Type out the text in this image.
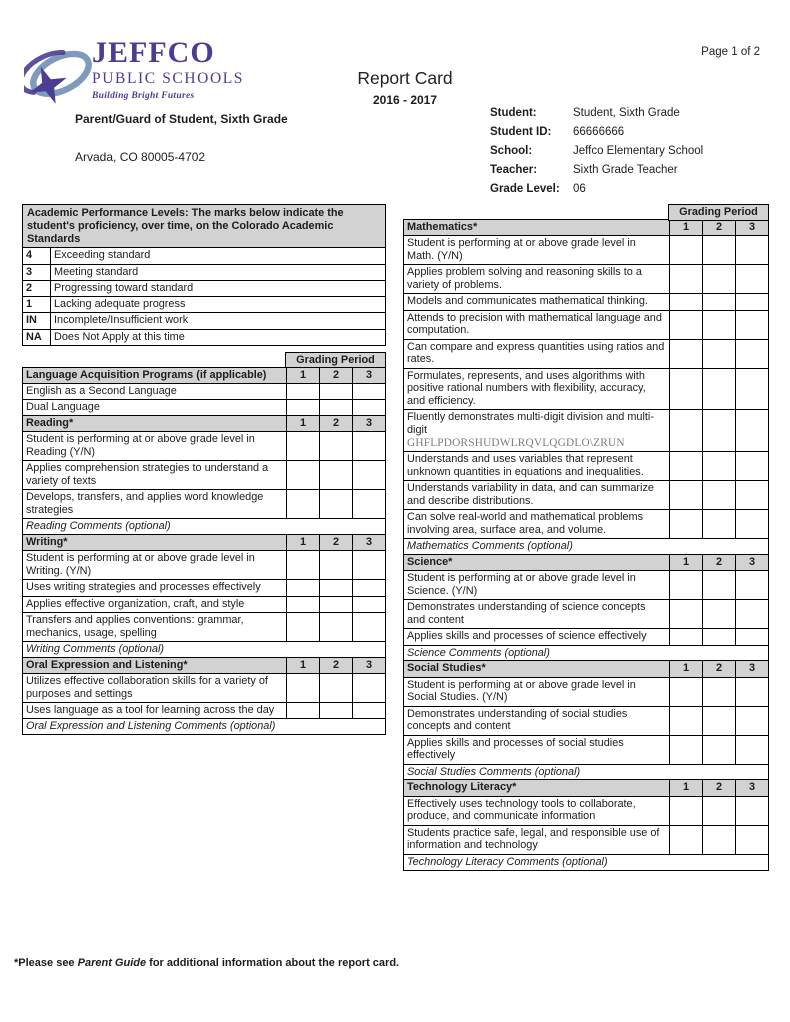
Page 1 of 2
JEFFCO
PUBLIC SCHOOLS
Building Bright Futures
Report Card
2016 - 2017
Parent/Guard of Student, Sixth Grade
Arvada, CO 80005-4702
Student:	Student, Sixth Grade
Student ID:	66666666
School:	Jeffco Elementary School
Teacher:	Sixth Grade Teacher
Grade Level:	06
Academic Performance Levels: The marks below indicate the student's proficiency, over time, on the Colorado Academic Standards	
4	Exceeding standard
3	Meeting standard
2	Progressing toward standard
1	Lacking adequate progress
IN	Incomplete/Insufficient work
NA	Does Not Apply at this time
Grading Period
Language Acquisition Programs (if applicable)	1	2	3
English as a Second Language			
Dual Language			
Reading*	1	2	3
Student is performing at or above grade level in Reading (Y/N)			
Applies comprehension strategies to understand a variety of texts			
Develops, transfers, and applies word knowledge strategies			
Reading Comments (optional)			
Writing*	1	2	3
Student is performing at or above grade level in Writing. (Y/N)			
Uses writing strategies and processes effectively			
Applies effective organization, craft, and style			
Transfers and applies conventions: grammar, mechanics, usage, spelling			
Writing Comments (optional)			
Oral Expression and Listening*	1	2	3
Utilizes effective collaboration skills for a variety of purposes and settings			
Uses language as a tool for learning across the day			
Oral Expression and Listening Comments (optional)			
Grading Period
Mathematics*	1	2	3
Student is performing at or above grade level in Math. (Y/N)			
Applies problem solving and reasoning skills to a variety of problems.			
Models and communicates mathematical thinking.			
Attends to precision with mathematical language and computation.			
Can compare and express quantities using ratios and rates.			
Formulates, represents, and uses algorithms with positive rational numbers with flexibility, accuracy, and efficiency.			
Fluently demonstrates multi-digit division and multi-digit
GHFLPDORSHUDWLRQVLQGDLO\ZRUN			

Understands and uses variables that represent unknown quantities in equations and inequalities.			
Understands variability in data, and can summarize and describe distributions.			
Can solve real-world and mathematical problems involving area, surface area, and volume.			
Mathematics Comments (optional)			
Science*	1	2	3
Student is performing at or above grade level in Science. (Y/N)			
Demonstrates understanding of science concepts and content			
Applies skills and processes of science effectively			
Science Comments (optional)			
Social Studies*	1	2	3
Student is performing at or above grade level in Social Studies. (Y/N)			
Demonstrates understanding of social studies concepts and content			
Applies skills and processes of social studies effectively			
Social Studies Comments (optional)			
Technology Literacy*	1	2	3
Effectively uses technology tools to collaborate, produce, and communicate information			
Students practice safe, legal, and responsible use of information and technology			
Technology Literacy Comments (optional)			
*Please see Parent Guide for additional information about the report card.
